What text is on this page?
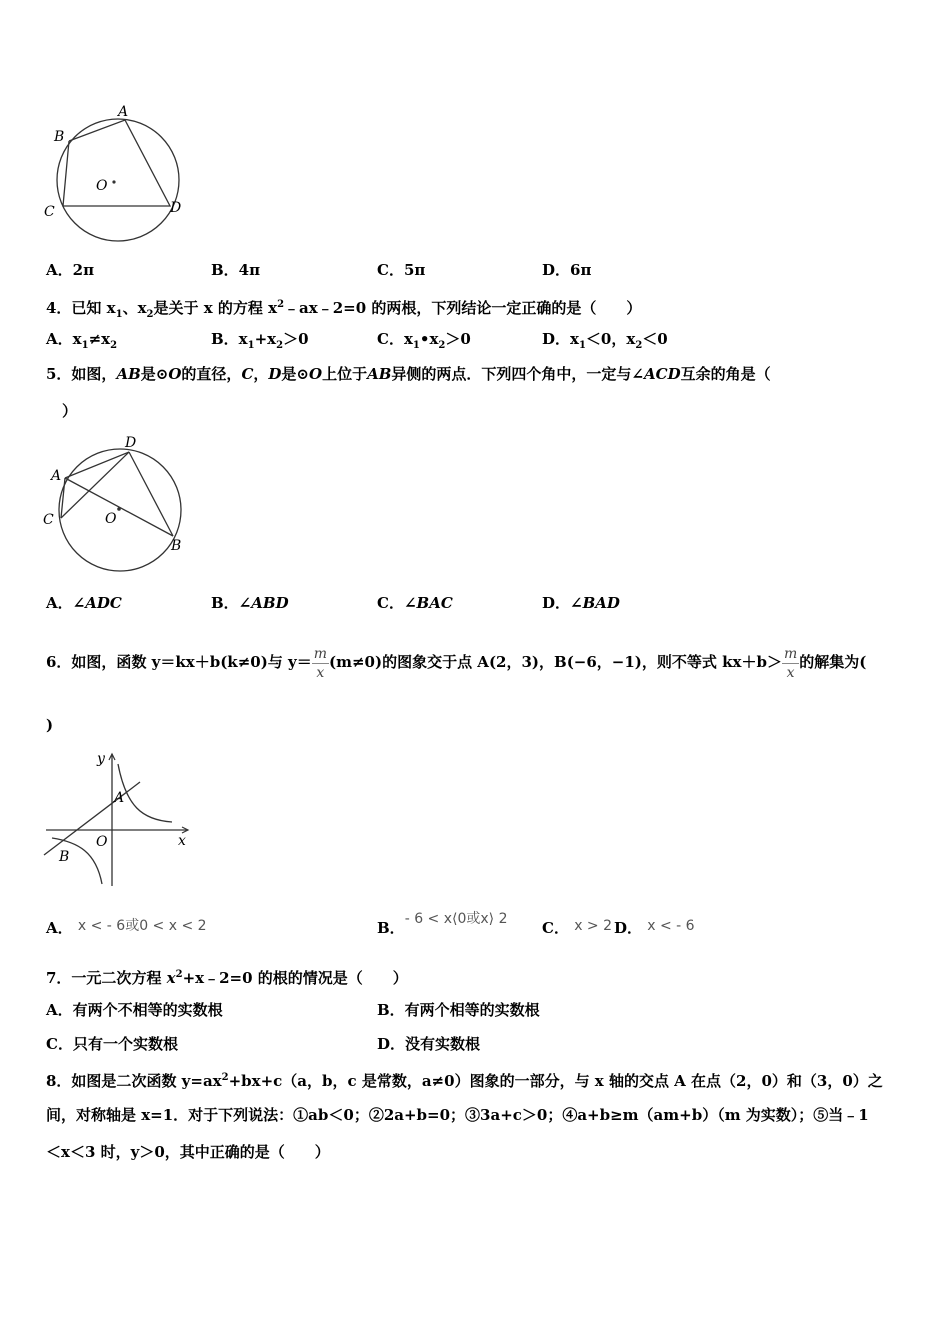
A
B
C	D
O
A．2π	B．4π	C．5π	D．6π
4．已知 $x_1$、$x_2$是关于 x 的方程 $x^2﹣ax﹣2=0$ 的两根，下列结论一定正确的是（　　）
A．$x_1\ne x_2$	B．$x_1+x_2>0$	C．$x_1•x_2>0$	D．$x_1<0$，$x_2<0$
5．如图，AB是⊙O的直径，C，D是⊙O上位于AB异侧的两点．下列四个角中，一定与∠ACD互余的角是（
）
D
A
C	O
B
A．∠ADC	B．∠ABD	C．∠BAC	D．∠BAD
6．如图，函数 y＝kx＋b(k≠0)与 $y= \frac{m}{x} (m\ne 0)$的图象交于点 A(2，3)，B(−6，−1)，则不等式 $kx+b> \frac{m}{x}$ 的解集为(
)
y
A
x
O
B
A． x < - 6或0 < x < 2	B．- 6 < x⟨0或x⟩ 2 C． x > 2 D． x < - 6
7．一元二次方程 $x^2+x﹣2=0$ 的根的情况是（　　）
A．有两个不相等的实数根	B．有两个相等的实数根
C．只有一个实数根	D．没有实数根
8．如图是二次函数 $y=ax^2+bx+c(a$，b，c 是常数，a≠0）图象的一部分，与 x 轴的交点 A 在点（2，0）和（3，0）之
间，对称轴是 x=1．对于下列说法：①ab＜0；②2a+b=0；③3a+c＞0；④a+b≥m（am+b）（m 为实数）；⑤当﹣1
＜x＜3 时，y＞0，其中正确的是（　　）
